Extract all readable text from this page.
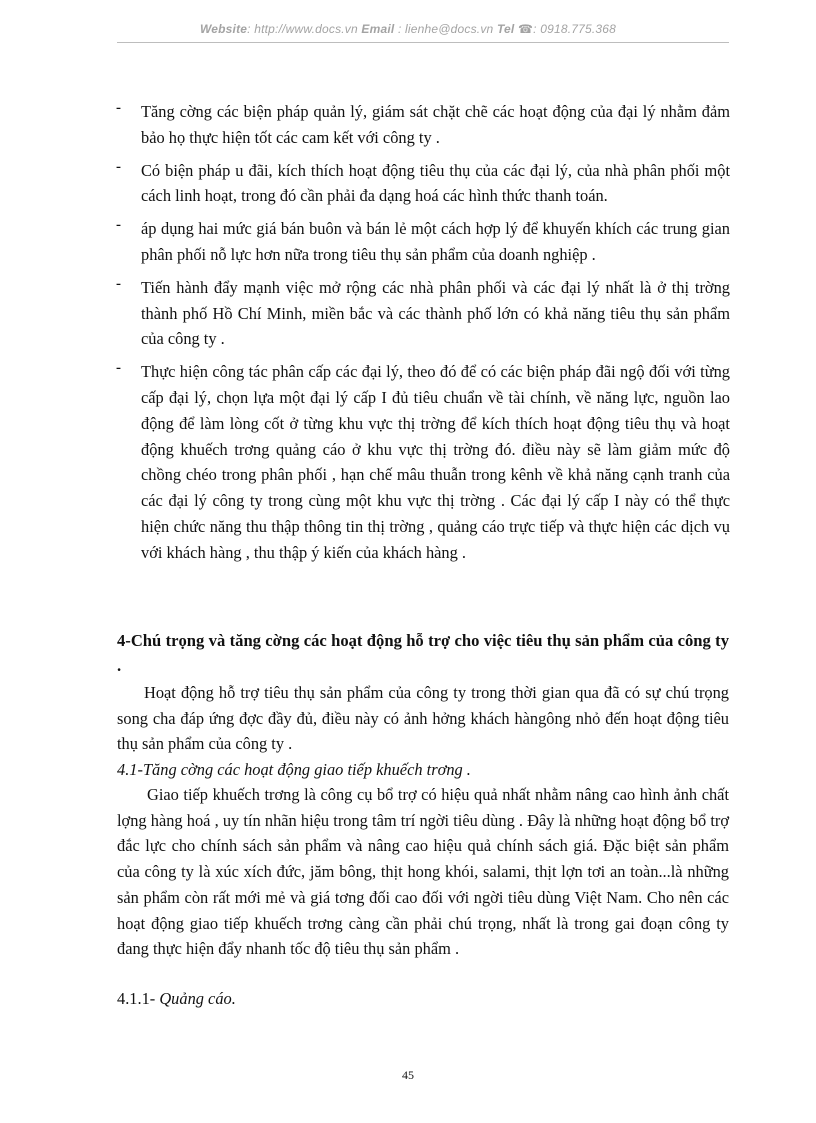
Website: http://www.docs.vn Email : lienhe@docs.vn Tel ☎: 0918.775.368
- Tăng cờng các biện pháp quản lý, giám sát chặt chẽ các hoạt động của đại lý nhằm đảm bảo họ thực hiện tốt các cam kết với công ty .
- Có biện pháp u đãi, kích thích hoạt động tiêu thụ của các đại lý, của nhà phân phối một cách linh hoạt, trong đó cần phải đa dạng hoá các hình thức thanh toán.
- áp dụng hai mức giá bán buôn và bán lẻ một cách hợp lý để khuyến khích các trung gian phân phối nỗ lực hơn nữa trong tiêu thụ sản phẩm của doanh nghiệp .
- Tiến hành đẩy mạnh việc mở rộng các nhà phân phối và các đại lý nhất là ở thị trờng thành phố Hồ Chí Minh, miền bắc và các thành phố lớn có khả năng tiêu thụ sản phẩm của công ty .
- Thực hiện công tác phân cấp các đại lý, theo đó để có các biện pháp đãi ngộ đối với từng cấp đại lý, chọn lựa một đại lý cấp I đủ tiêu chuẩn về tài chính, về năng lực, nguồn lao động để làm lòng cốt ở từng khu vực thị trờng để kích thích hoạt động tiêu thụ và hoạt động khuếch trơng quảng cáo ở khu vực thị trờng đó. điều này sẽ làm giảm mức độ chồng chéo trong phân phối , hạn chế mâu thuẫn trong kênh về khả năng cạnh tranh của các đại lý công ty trong cùng một khu vực thị trờng . Các đại lý cấp I này có thể thực hiện chức năng thu thập thông tin thị trờng , quảng cáo trực tiếp và thực hiện các dịch vụ với khách hàng , thu thập ý kiến của khách hàng .
4-Chú trọng và tăng cờng các hoạt động hỗ trợ cho việc tiêu thụ sản phẩm của công ty .
Hoạt động hỗ trợ tiêu thụ sản phẩm của công ty trong thời gian qua đã có sự chú trọng song cha đáp ứng đợc đầy đủ, điều này có ảnh hởng khách hàngông nhỏ đến hoạt động tiêu thụ sản phẩm của công ty .
4.1-Tăng cờng các hoạt động giao tiếp khuếch trơng .
Giao tiếp khuếch trơng là công cụ bổ trợ có hiệu quả nhất nhằm nâng cao hình ảnh chất lợng hàng hoá , uy tín nhãn hiệu trong tâm trí ngời tiêu dùng . Đây là những hoạt động bổ trợ đắc lực cho chính sách sản phẩm và nâng cao hiệu quả chính sách giá. Đặc biệt sản phẩm của công ty là xúc xích đức, jăm bông, thịt hong khói, salami, thịt lợn tơi an toàn...là những sản phẩm còn rất mới mẻ và giá tơng đối cao đối với ngời tiêu dùng Việt Nam. Cho nên các hoạt động giao tiếp khuếch trơng càng cần phải chú trọng, nhất là trong gai đoạn công ty đang thực hiện đẩy nhanh tốc độ tiêu thụ sản phẩm .
4.1.1- Quảng cáo.
45
